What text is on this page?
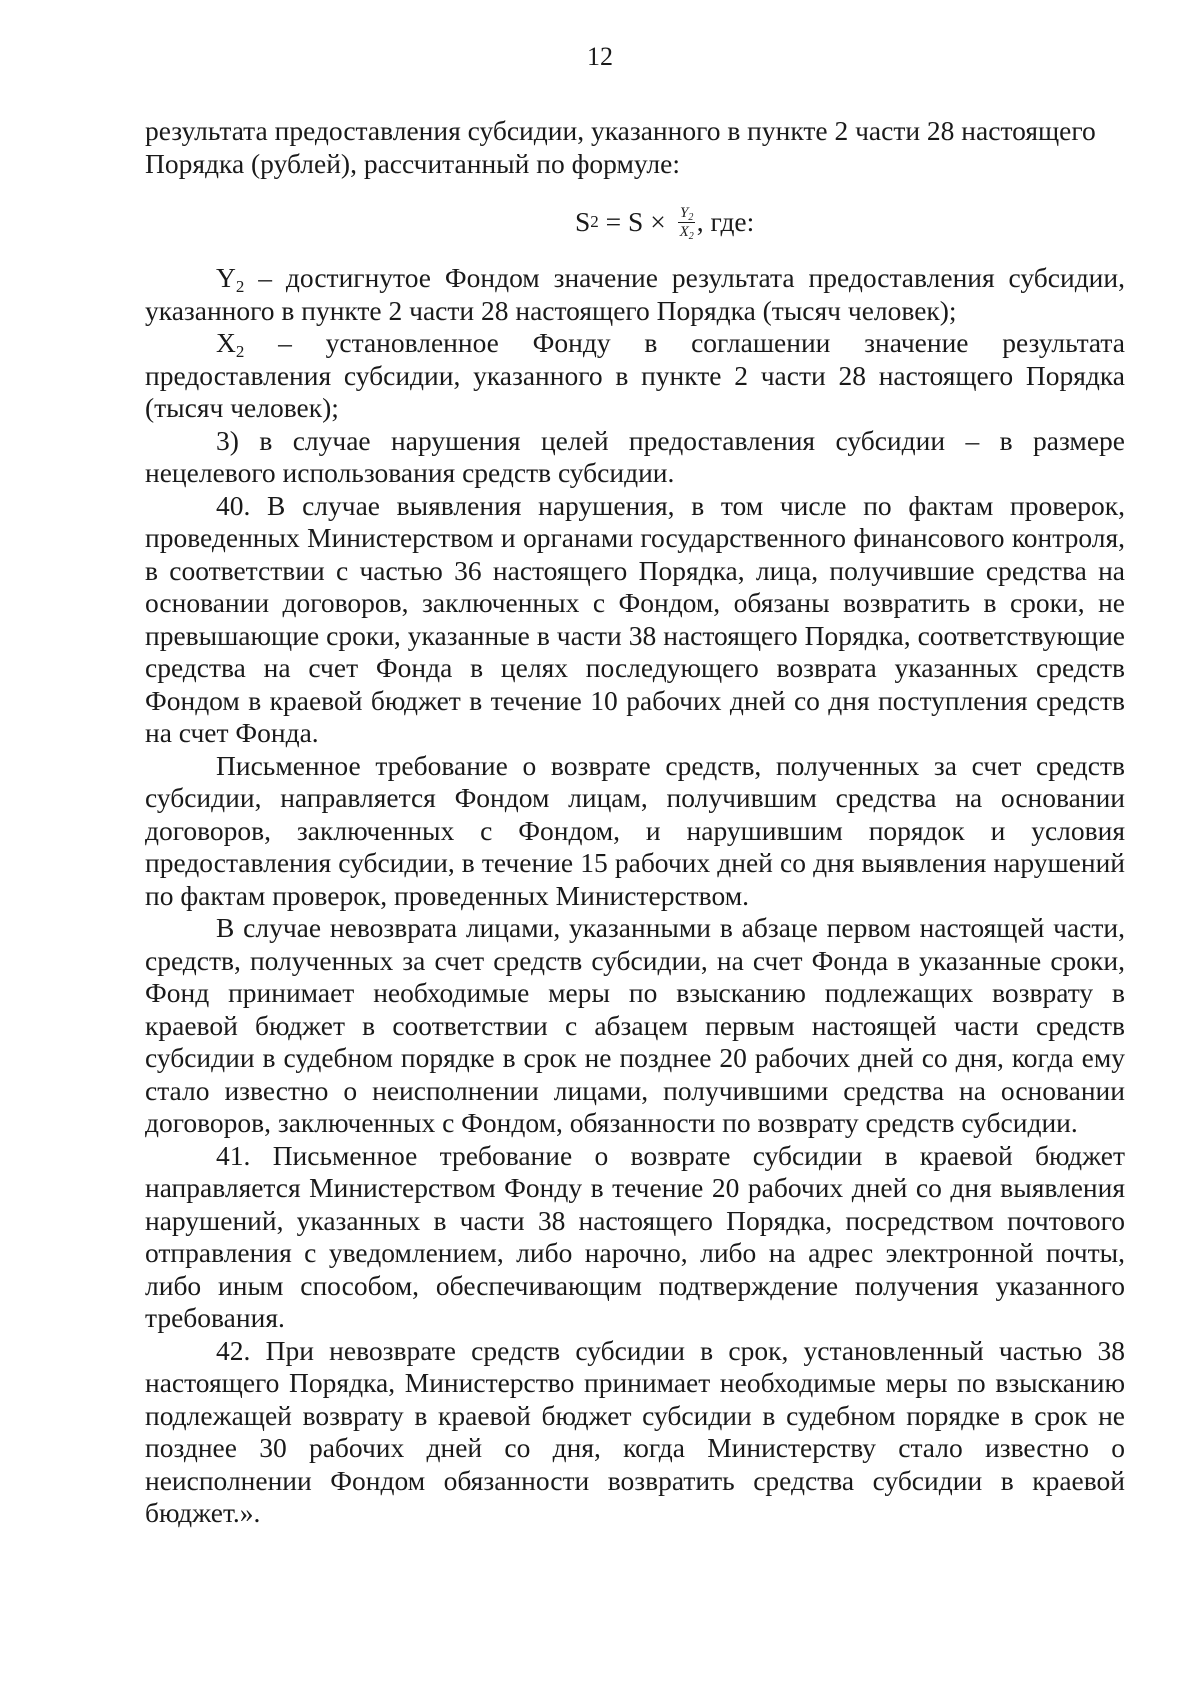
12

результата предоставления субсидии, указанного в пункте 2 части 28 настоящего
Порядка (рублей), рассчитанный по формуле:

S $2 = S \times \frac{Y_2}{X_2}$ , где:

$Y_2$ – достигнутое Фондом значение результата предоставления субсидии, указанного в пункте 2 части 28 настоящего Порядка (тысяч человек);

$X_2$ – установленное Фонду в соглашении значение результата предоставления субсидии, указанного в пункте 2 части 28 настоящего Порядка (тысяч человек);

3) в случае нарушения целей предоставления субсидии – в размере нецелевого использования средств субсидии.

40. В случае выявления нарушения, в том числе по фактам проверок, проведенных Министерством и органами государственного финансового контроля, в соответствии с частью 36 настоящего Порядка, лица, получившие средства на основании договоров, заключенных с Фондом, обязаны возвратить в сроки, не превышающие сроки, указанные в части 38 настоящего Порядка, соответствующие средства на счет Фонда в целях последующего возврата указанных средств Фондом в краевой бюджет в течение 10 рабочих дней со дня поступления средств на счет Фонда.

Письменное требование о возврате средств, полученных за счет средств субсидии, направляется Фондом лицам, получившим средства на основании договоров, заключенных с Фондом, и нарушившим порядок и условия предоставления субсидии, в течение 15 рабочих дней со дня выявления нарушений по фактам проверок, проведенных Министерством.

В случае невозврата лицами, указанными в абзаце первом настоящей части, средств, полученных за счет средств субсидии, на счет Фонда в указанные сроки, Фонд принимает необходимые меры по взысканию подлежащих возврату в краевой бюджет в соответствии с абзацем первым настоящей части средств субсидии в судебном порядке в срок не позднее 20 рабочих дней со дня, когда ему стало известно о неисполнении лицами, получившими средства на основании договоров, заключенных с Фондом, обязанности по возврату средств субсидии.

41. Письменное требование о возврате субсидии в краевой бюджет направляется Министерством Фонду в течение 20 рабочих дней со дня выявления нарушений, указанных в части 38 настоящего Порядка, посредством почтового отправления с уведомлением, либо нарочно, либо на адрес электронной почты, либо иным способом, обеспечивающим подтверждение получения указанного требования.

42. При невозврате средств субсидии в срок, установленный частью 38 настоящего Порядка, Министерство принимает необходимые меры по взысканию подлежащей возврату в краевой бюджет субсидии в судебном порядке в срок не позднее 30 рабочих дней со дня, когда Министерству стало известно о неисполнении Фондом обязанности возвратить средства субсидии в краевой бюджет.».
